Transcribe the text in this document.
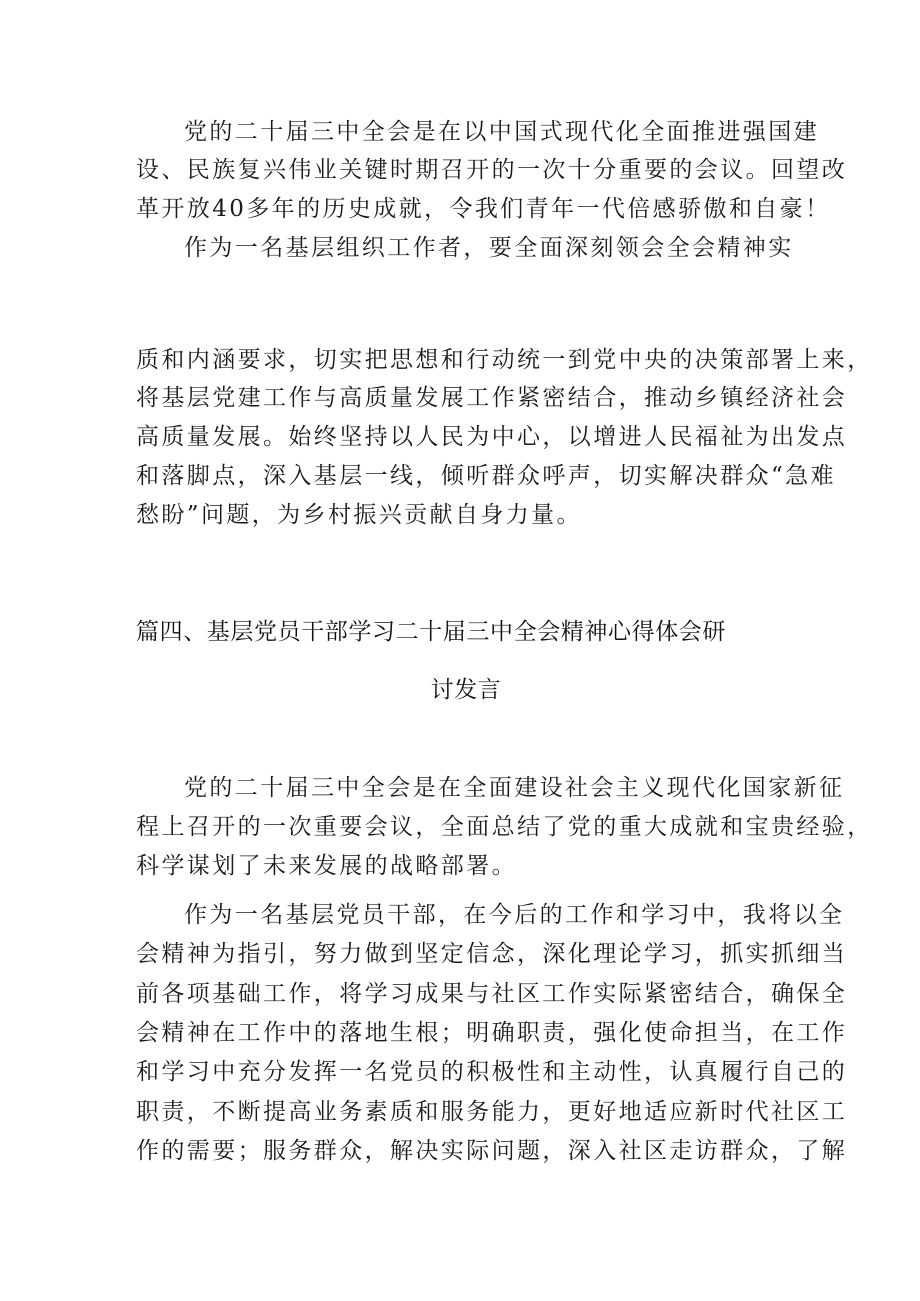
党的二十届三中全会是在以中国式现代化全面推进强国建
设、民族复兴伟业关键时期召开的一次十分重要的会议。回望改
革开放40多年的历史成就，令我们青年一代倍感骄傲和自豪！
作为一名基层组织工作者，要全面深刻领会全会精神实
质和内涵要求，切实把思想和行动统一到党中央的决策部署上来，
将基层党建工作与高质量发展工作紧密结合，推动乡镇经济社会
高质量发展。始终坚持以人民为中心，以增进人民福祉为出发点
和落脚点，深入基层一线，倾听群众呼声，切实解决群众“急难
愁盼”问题，为乡村振兴贡献自身力量。
篇四、基层党员干部学习二十届三中全会精神心得体会研
讨发言
党的二十届三中全会是在全面建设社会主义现代化国家新征
程上召开的一次重要会议，全面总结了党的重大成就和宝贵经验，
科学谋划了未来发展的战略部署。
作为一名基层党员干部，在今后的工作和学习中，我将以全
会精神为指引，努力做到坚定信念，深化理论学习，抓实抓细当
前各项基础工作，将学习成果与社区工作实际紧密结合，确保全
会精神在工作中的落地生根；明确职责，强化使命担当，在工作
和学习中充分发挥一名党员的积极性和主动性，认真履行自己的
职责，不断提高业务素质和服务能力，更好地适应新时代社区工
作的需要；服务群众，解决实际问题，深入社区走访群众，了解
